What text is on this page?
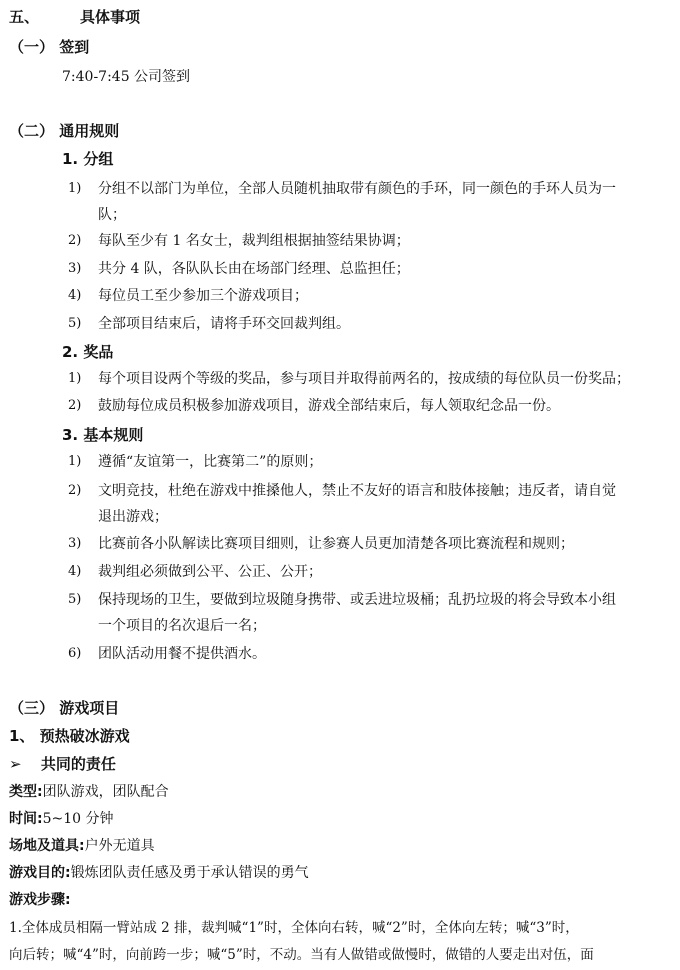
五、	具体事项
（一） 签到
7:40-7:45 公司签到
（二） 通用规则
1. 分组
1) 分组不以部门为单位，全部人员随机抽取带有颜色的手环，同一颜色的手环人员为一
队；
2) 每队至少有 1 名女士，裁判组根据抽签结果协调；
3) 共分 4 队，各队队长由在场部门经理、总监担任；
4) 每位员工至少参加三个游戏项目；
5) 全部项目结束后，请将手环交回裁判组。
2. 奖品
1) 每个项目设两个等级的奖品，参与项目并取得前两名的，按成绩的每位队员一份奖品；
2) 鼓励每位成员积极参加游戏项目，游戏全部结束后，每人领取纪念品一份。
3. 基本规则
1) 遵循“友谊第一，比赛第二”的原则；
2) 文明竞技，杜绝在游戏中推搡他人，禁止不友好的语言和肢体接触；违反者，请自觉
退出游戏；
3) 比赛前各小队解读比赛项目细则，让参赛人员更加清楚各项比赛流程和规则；
4) 裁判组必须做到公平、公正、公开；
5) 保持现场的卫生，要做到垃圾随身携带、或丢进垃圾桶；乱扔垃圾的将会导致本小组
一个项目的名次退后一名；
6) 团队活动用餐不提供酒水。
（三） 游戏项目
1、 预热破冰游戏
➢ 共同的责任
类型:团队游戏，团队配合
时间:5~10 分钟
场地及道具:户外无道具
游戏目的:锻炼团队责任感及勇于承认错误的勇气
游戏步骤:
1.全体成员相隔一臂站成 2 排，裁判喊“1”时，全体向右转，喊“2”时，全体向左转；喊“3”时，
向后转；喊“4”时，向前跨一步；喊“5”时，不动。当有人做错或做慢时，做错的人要走出对伍，面
